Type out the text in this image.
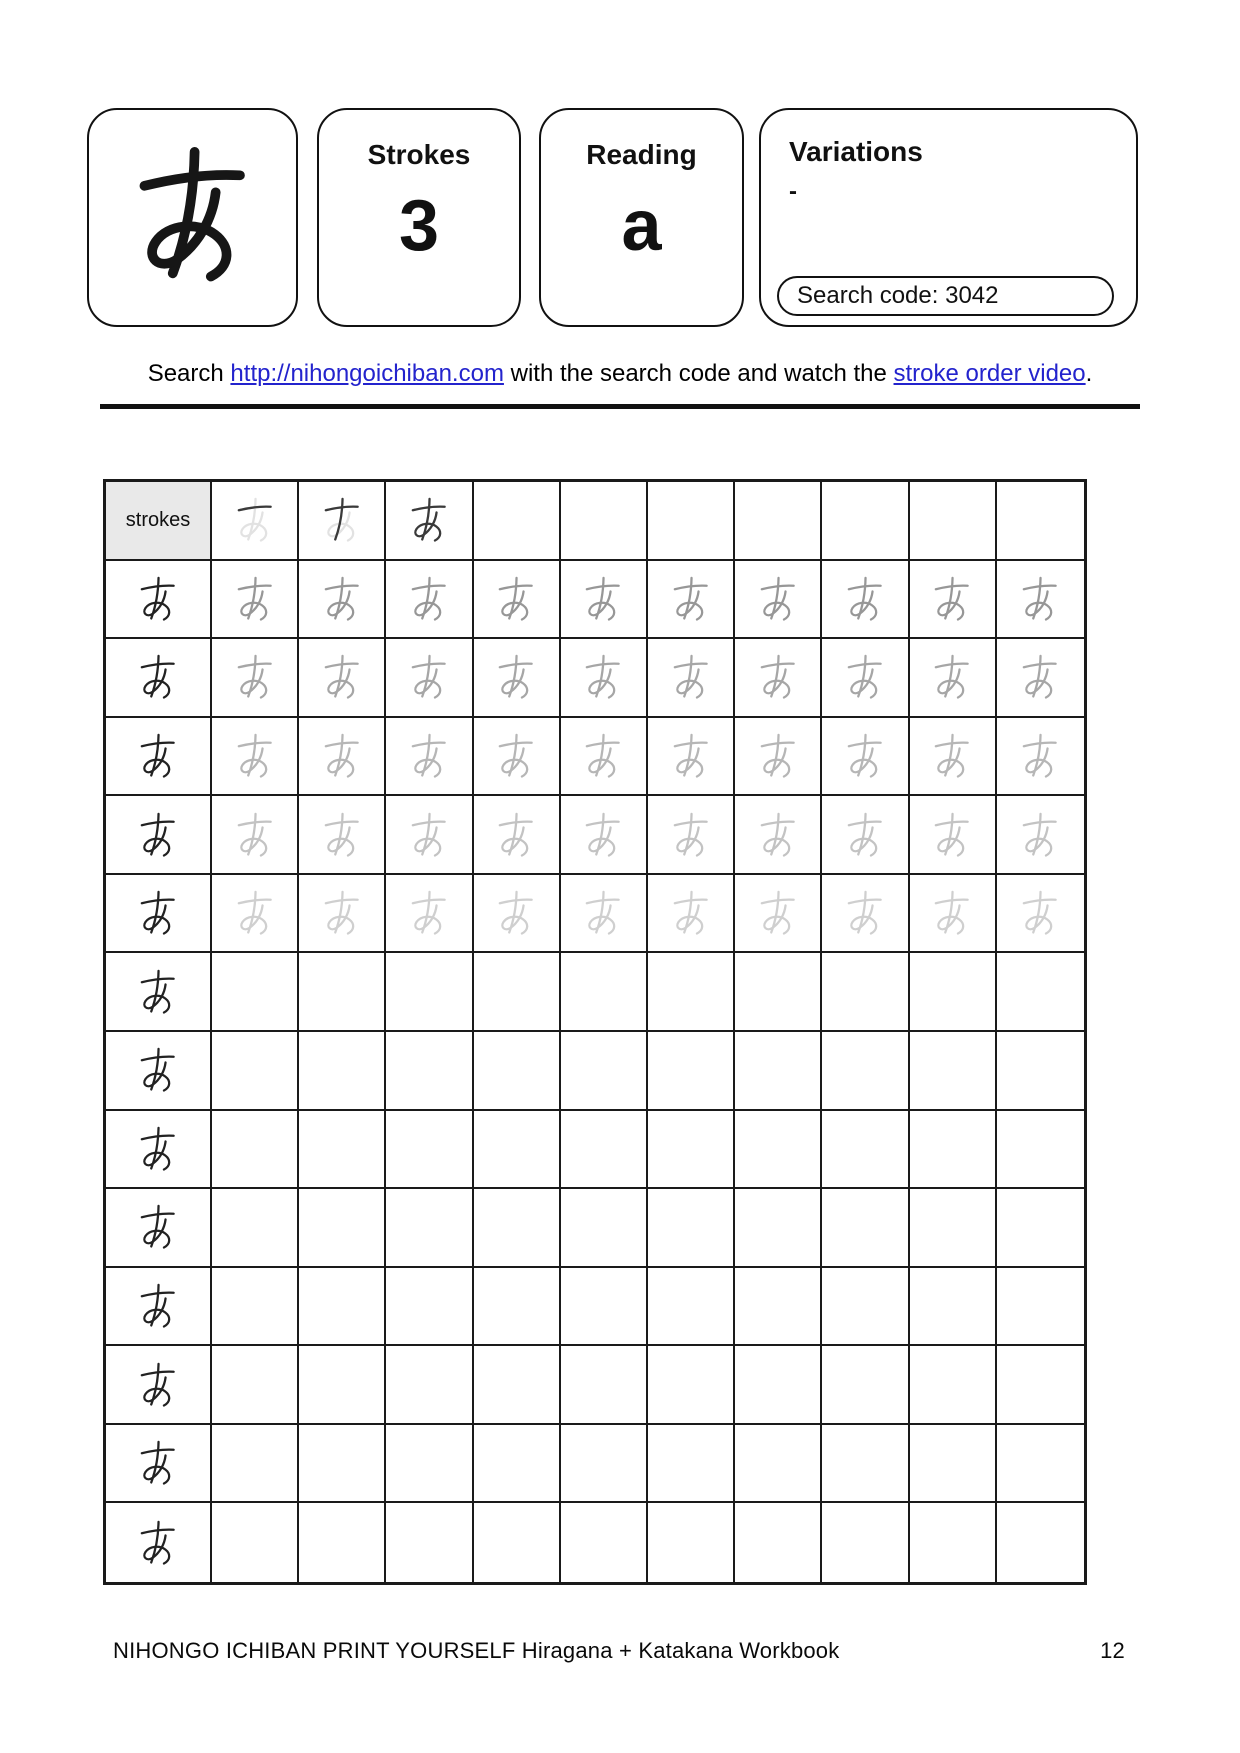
Strokes
3
Reading
a
Variations
-
Search code: 3042
Search http://nihongoichiban.com with the search code and watch the stroke order video.
strokes
NIHONGO ICHIBAN PRINT YOURSELF Hiragana + Katakana Workbook	12
